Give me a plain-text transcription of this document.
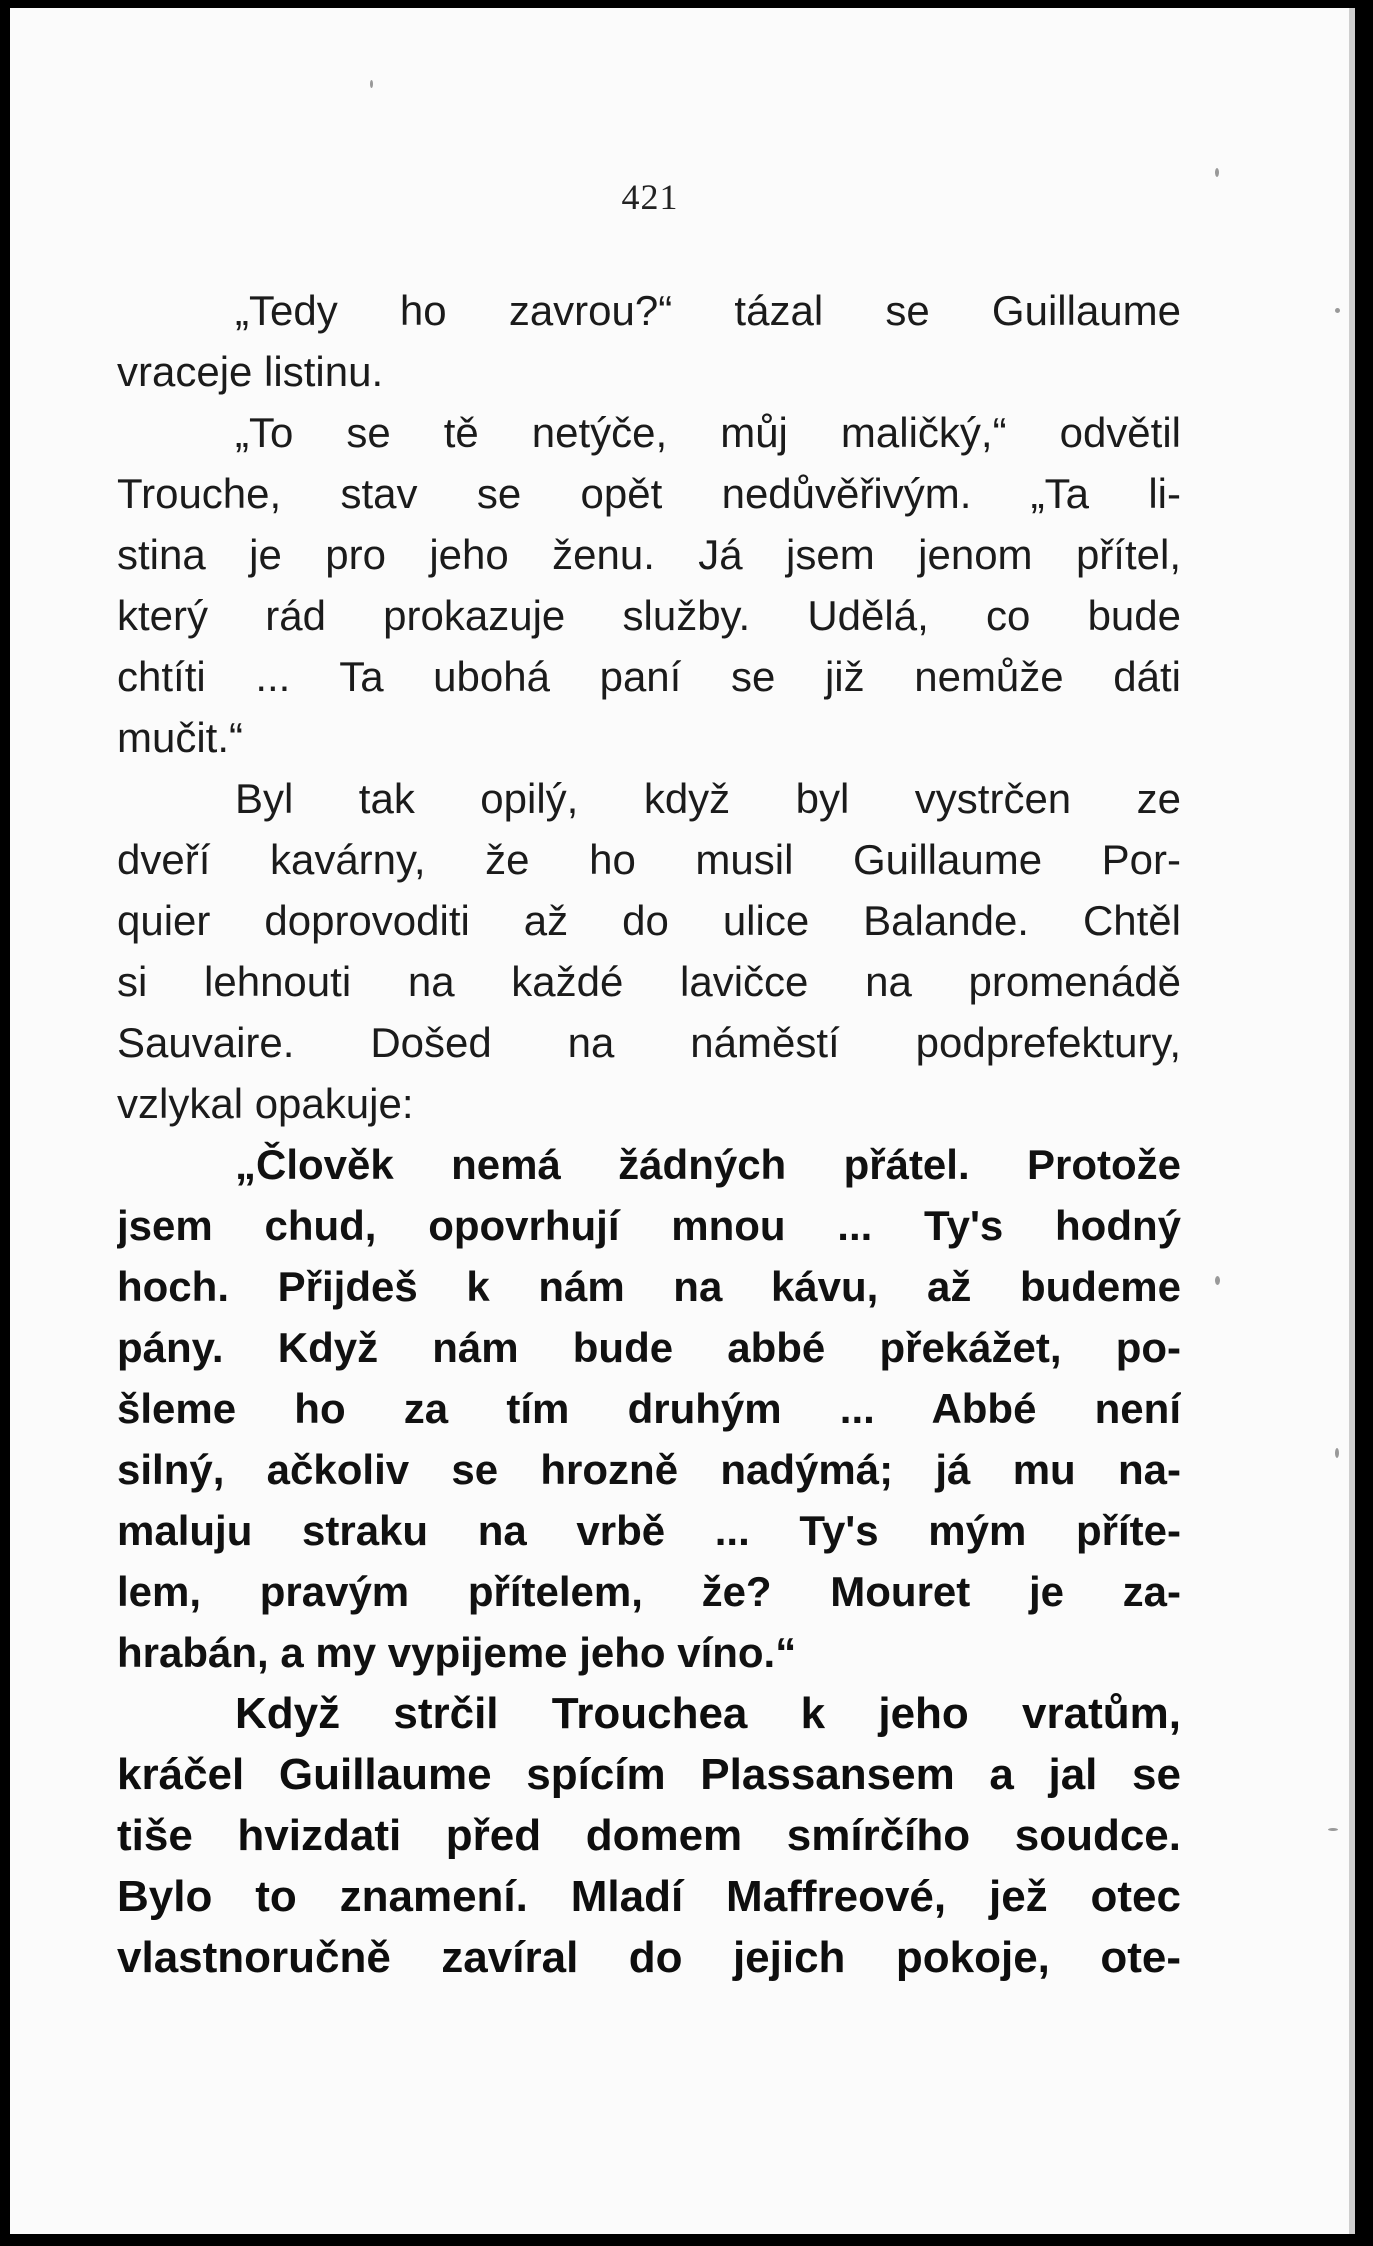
421
„Tedy ho zavrou?“ tázal se Guillaume
vraceje listinu.
„To se tě netýče, můj maličký,“ odvětil
Trouche, stav se opět nedůvěřivým. „Ta li-
stina je pro jeho ženu. Já jsem jenom přítel,
který rád prokazuje služby. Udělá, co bude
chtíti ... Ta ubohá paní se již nemůže dáti
mučit.“
Byl tak opilý, když byl vystrčen ze
dveří kavárny, že ho musil Guillaume Por-
quier doprovoditi až do ulice Balande. Chtěl
si lehnouti na každé lavičce na promenádě
Sauvaire. Došed na náměstí podprefektury,
vzlykal opakuje:
„Člověk nemá žádných přátel. Protože
jsem chud, opovrhují mnou ... Ty's hodný
hoch. Přijdeš k nám na kávu, až budeme
pány. Když nám bude abbé překážet, po-
šleme ho za tím druhým ... Abbé není
silný, ačkoliv se hrozně nadýmá; já mu na-
maluju straku na vrbě ... Ty's mým příte-
lem, pravým přítelem, že? Mouret je za-
hrabán, a my vypijeme jeho víno.“
Když strčil Trouchea k jeho vratům,
kráčel Guillaume spícím Plassansem a jal se
tiše hvizdati před domem smírčího soudce.
Bylo to znamení. Mladí Maffreové, jež otec
vlastnoručně zavíral do jejich pokoje, ote-
